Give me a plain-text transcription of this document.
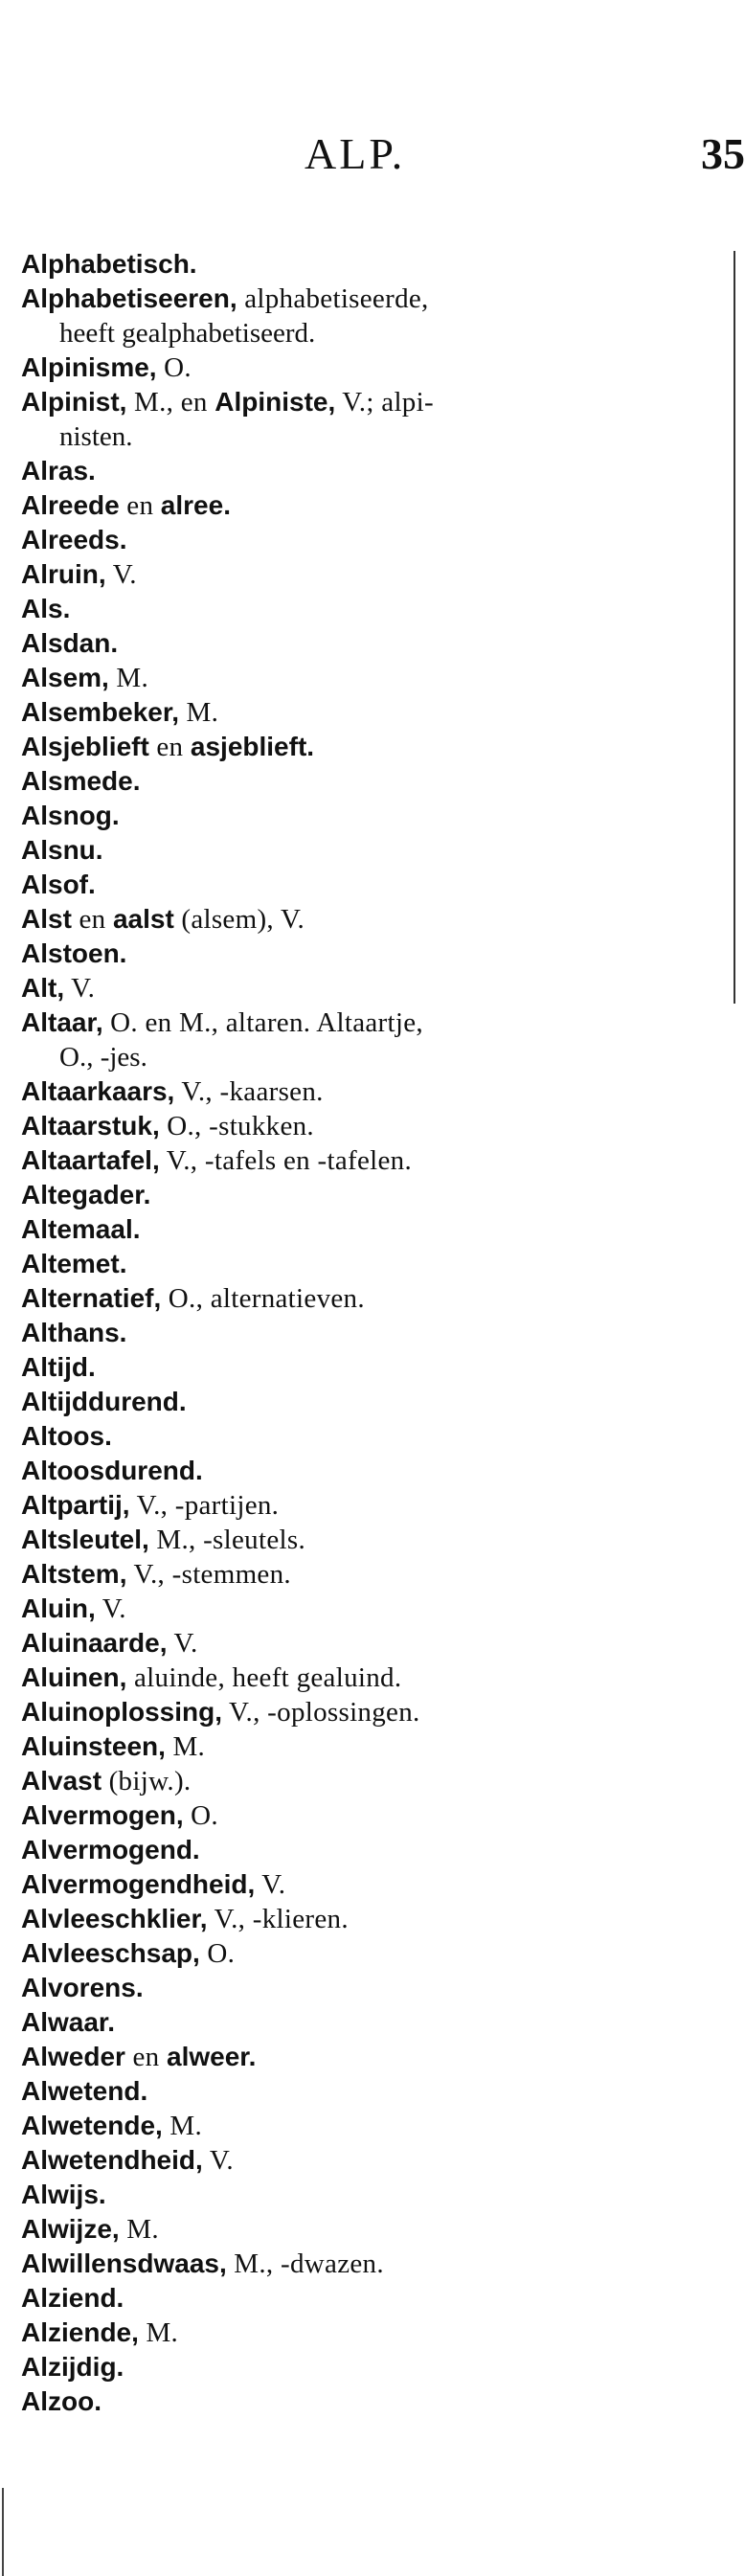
ALP.	35

Alphabetisch.

Alphabetiseeren, alphabetiseerde,
heeft gealphabetiseerd.

Alpinisme, O.

Alpinist, M., en Alpiniste, V.; alpi-
nisten.

Alras.

Alreede en alree.

Alreeds.

Alruin, V.

Als.

Alsdan.

Alsem, M.

Alsembeker, M.

Alsjeblieft en asjeblieft.

Alsmede.

Alsnog.

Alsnu.

Alsof.

Alst en aalst (alsem), V.

Alstoen.

Alt, V.

Altaar, O. en M., altaren. Altaartje,
O., -jes.

Altaarkaars, V., -kaarsen.

Altaarstuk, O., -stukken.

Altaartafel, V., -tafels en -tafelen.

Altegader.

Altemaal.

Altemet.

Alternatief, O., alternatieven.

Althans.

Altijd.

Altijddurend.

Altoos.

Altoosdurend.

Altpartij, V., -partijen.

Altsleutel, M., -sleutels.

Altstem, V., -stemmen.

Aluin, V.

Aluinaarde, V.

Aluinen, aluinde, heeft gealuind.

Aluinoplossing, V., -oplossingen.

Aluinsteen, M.

Alvast (bijw.).

Alvermogen, O.

Alvermogend.

Alvermogendheid, V.

Alvleeschklier, V., -klieren.

Alvleeschsap, O.

Alvorens.

Alwaar.

Alweder en alweer.

Alwetend.

Alwetende, M.

Alwetendheid, V.

Alwijs.

Alwijze, M.

Alwillensdwaas, M., -dwazen.

Alziend.

Alziende, M.

Alzijdig.

Alzoo.
